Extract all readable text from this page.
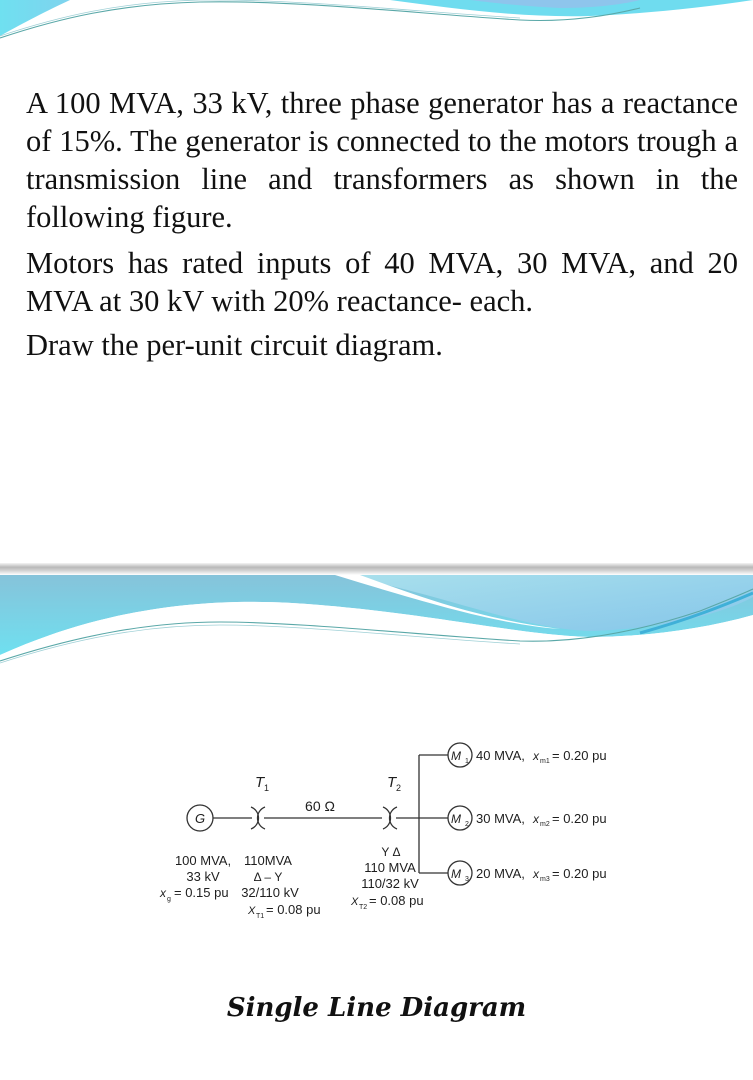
A 100 MVA, 33 kV, three phase generator has a reactance of 15%. The generator is connected to the motors trough a transmission line and transformers as shown in the following figure.
Motors has rated inputs of 40 MVA, 30 MVA, and 20 MVA at 30 kV with 20% reactance- each.
Draw the per-unit circuit diagram.
G
T 1
60 Ω
T 2
M 1 40 MVA, x m1 = 0.20 pu
M 2 30 MVA, x m2 = 0.20 pu
M 3 20 MVA, x m3 = 0.20 pu
100 MVA,
33 kV
x g = 0.15 pu
110MVA
Δ – Y
32/110 kV
X T1 = 0.08 pu
Y Δ
110 MVA
110/32 kV
X T2 = 0.08 pu
Single Line Diagram
